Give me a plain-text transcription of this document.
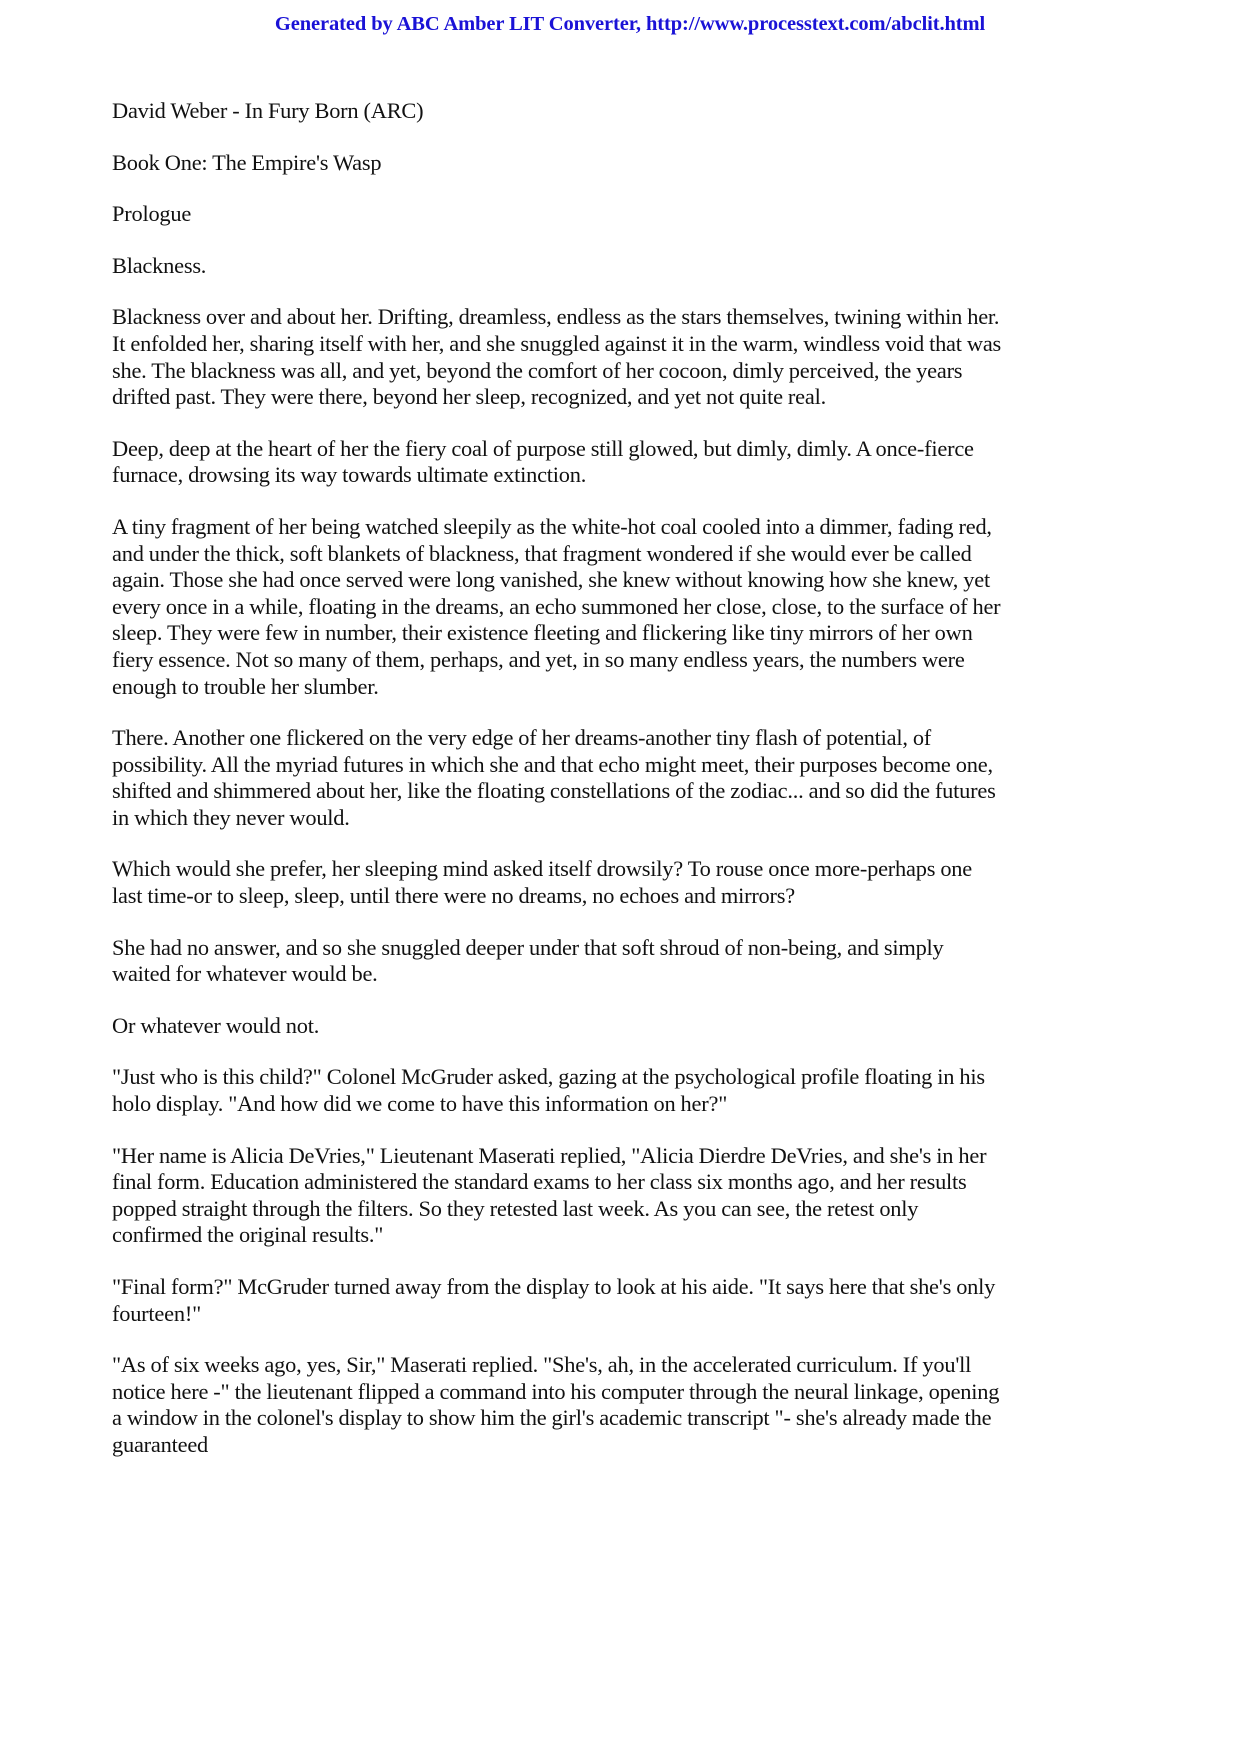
Generated by ABC Amber LIT Converter, http://www.processtext.com/abclit.html

David Weber - In Fury Born (ARC)

Book One: The Empire's Wasp

Prologue

Blackness.

Blackness over and about her. Drifting, dreamless, endless as the stars themselves, twining within her. It enfolded her, sharing itself with her, and she snuggled against it in the warm, windless void that was she. The blackness was all, and yet, beyond the comfort of her cocoon, dimly perceived, the years drifted past. They were there, beyond her sleep, recognized, and yet not quite real.

Deep, deep at the heart of her the fiery coal of purpose still glowed, but dimly, dimly. A once-fierce furnace, drowsing its way towards ultimate extinction.

A tiny fragment of her being watched sleepily as the white-hot coal cooled into a dimmer, fading red, and under the thick, soft blankets of blackness, that fragment wondered if she would ever be called again. Those she had once served were long vanished, she knew without knowing how she knew, yet every once in a while, floating in the dreams, an echo summoned her close, close, to the surface of her sleep. They were few in number, their existence fleeting and flickering like tiny mirrors of her own fiery essence. Not so many of them, perhaps, and yet, in so many endless years, the numbers were enough to trouble her slumber.

There. Another one flickered on the very edge of her dreams-another tiny flash of potential, of possibility. All the myriad futures in which she and that echo might meet, their purposes become one, shifted and shimmered about her, like the floating constellations of the zodiac... and so did the futures in which they never would.

Which would she prefer, her sleeping mind asked itself drowsily? To rouse once more-perhaps one last time-or to sleep, sleep, until there were no dreams, no echoes and mirrors?

She had no answer, and so she snuggled deeper under that soft shroud of non-being, and simply waited for whatever would be.

Or whatever would not.

"Just who is this child?" Colonel McGruder asked, gazing at the psychological profile floating in his holo display. "And how did we come to have this information on her?"

"Her name is Alicia DeVries," Lieutenant Maserati replied, "Alicia Dierdre DeVries, and she's in her final form. Education administered the standard exams to her class six months ago, and her results popped straight through the filters. So they retested last week. As you can see, the retest only confirmed the original results."

"Final form?" McGruder turned away from the display to look at his aide. "It says here that she's only fourteen!"

"As of six weeks ago, yes, Sir," Maserati replied. "She's, ah, in the accelerated curriculum. If you'll notice here -" the lieutenant flipped a command into his computer through the neural linkage, opening a window in the colonel's display to show him the girl's academic transcript "- she's already made the guaranteed
